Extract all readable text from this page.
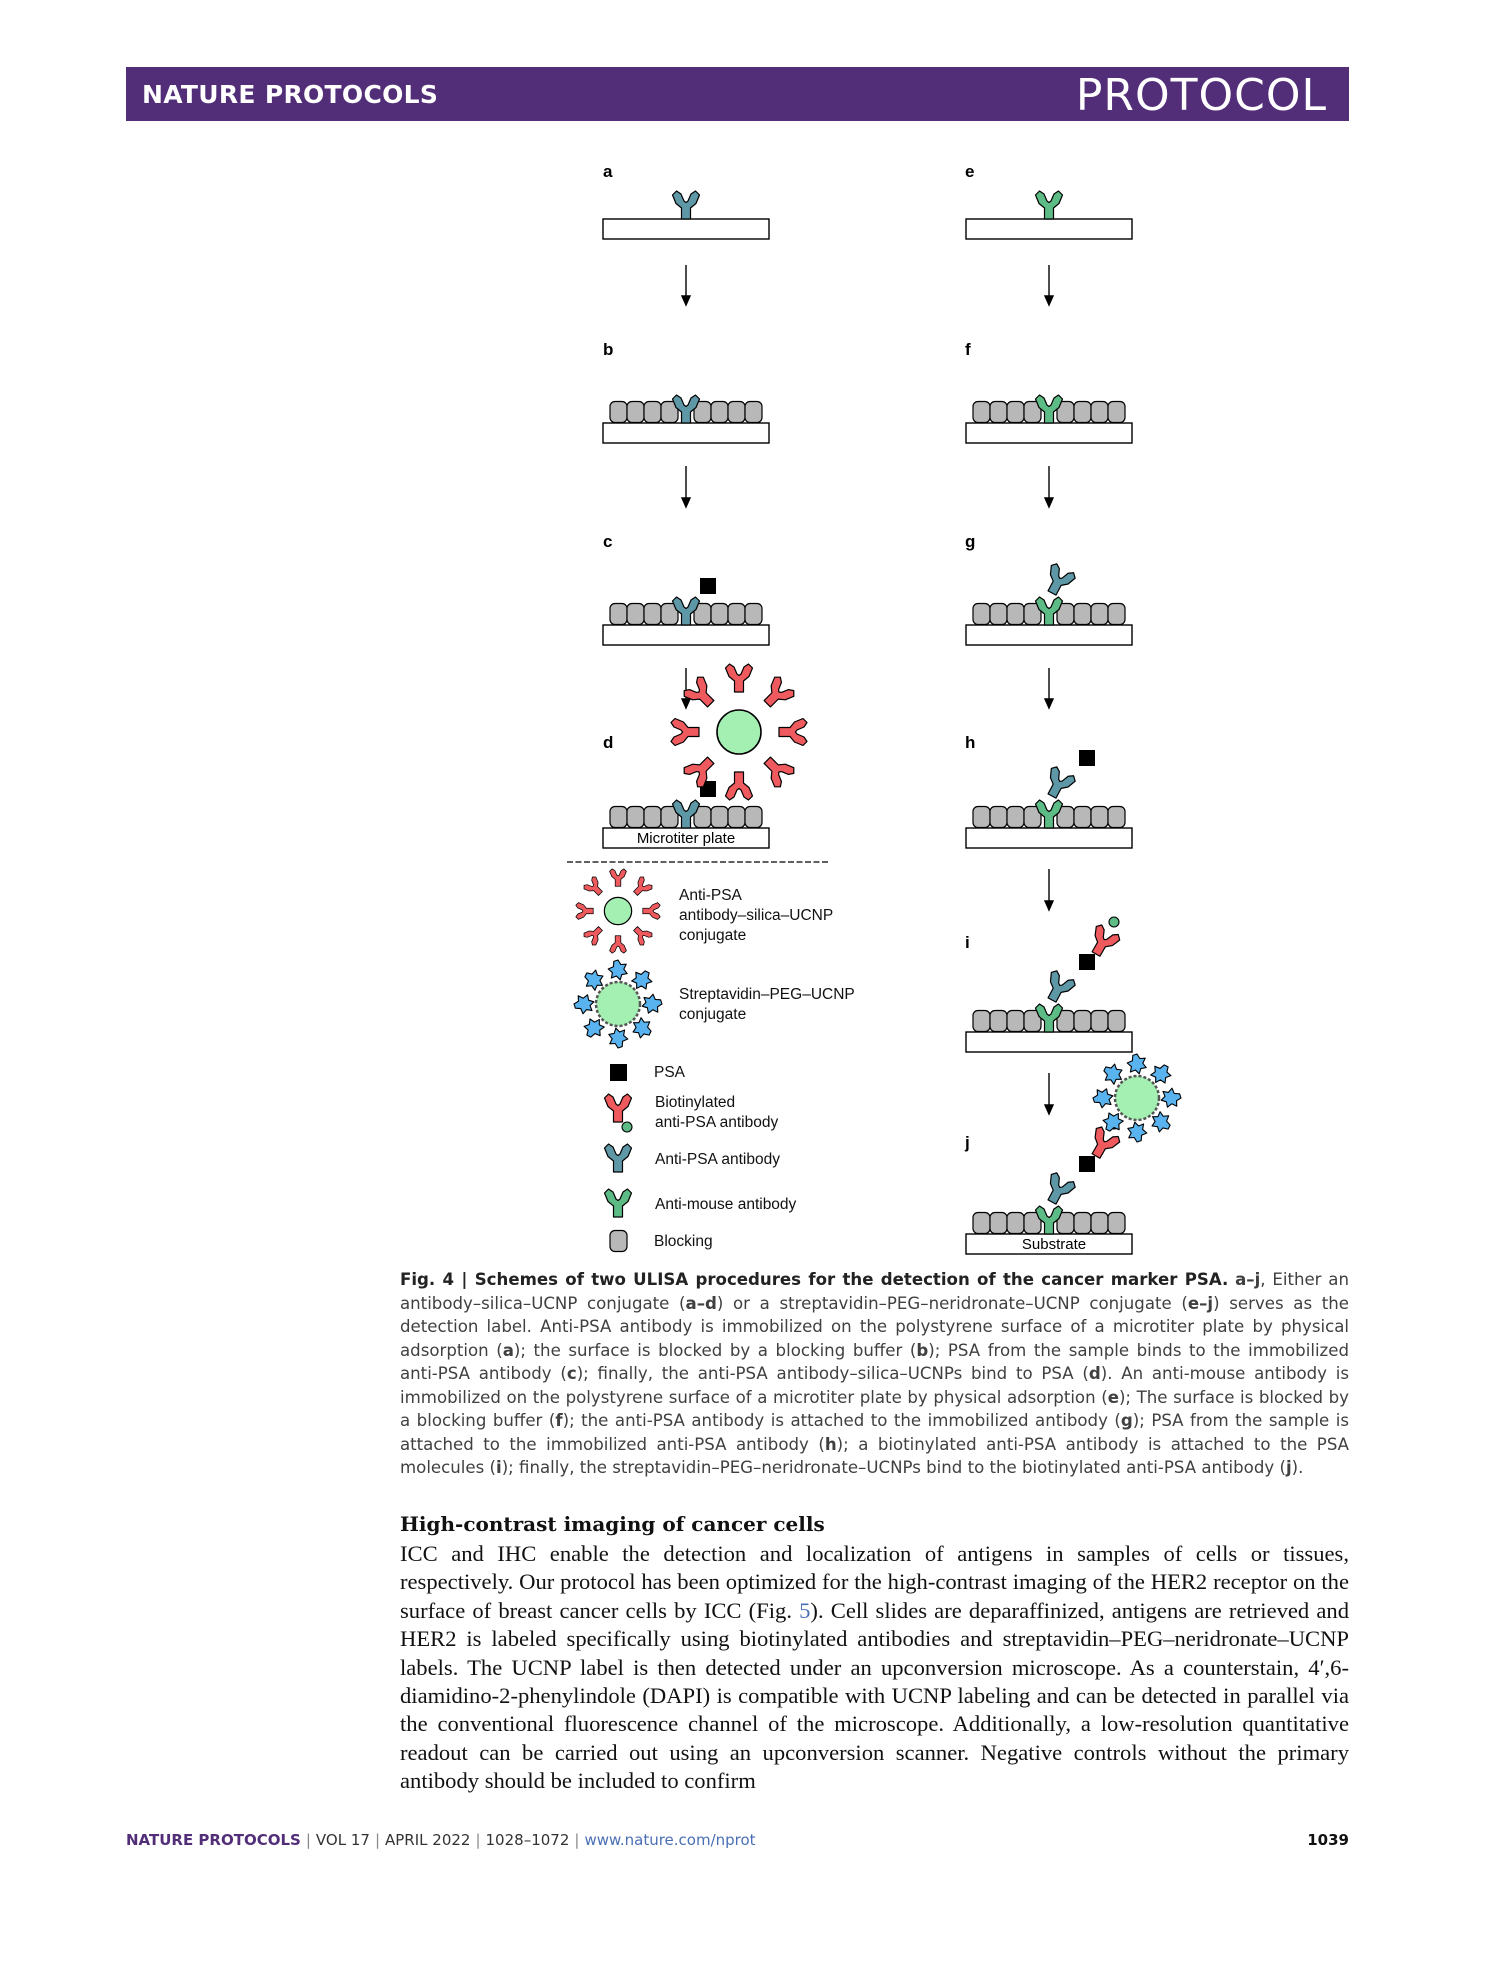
NATURE PROTOCOLS	PROTOCOL
a
b
c
d
e
f
g
h
i
j
Microtiter plate
Substrate
Anti-PSA
antibody–silica–UCNP
conjugate
Streptavidin–PEG–UCNP
conjugate
PSA
Biotinylated
anti-PSA antibody
Anti-PSA antibody
Anti-mouse antibody
Blocking
Fig. 4 | Schemes of two ULISA procedures for the detection of the cancer marker PSA. a–j, Either an antibody–silica–UCNP conjugate (a–d) or a streptavidin–PEG–neridronate–UCNP conjugate (e–j) serves as the detection label. Anti-PSA antibody is immobilized on the polystyrene surface of a microtiter plate by physical adsorption (a); the surface is blocked by a blocking buffer (b); PSA from the sample binds to the immobilized anti-PSA antibody (c); finally, the anti-PSA antibody–silica–UCNPs bind to PSA (d). An anti-mouse antibody is immobilized on the polystyrene surface of a microtiter plate by physical adsorption (e); The surface is blocked by a blocking buffer (f); the anti-PSA antibody is attached to the immobilized antibody (g); PSA from the sample is attached to the immobilized anti-PSA antibody (h); a biotinylated anti-PSA antibody is attached to the PSA molecules (i); finally, the streptavidin–PEG–neridronate–UCNPs bind to the biotinylated anti-PSA antibody (j).
High-contrast imaging of cancer cells
ICC and IHC enable the detection and localization of antigens in samples of cells or tissues, respectively. Our protocol has been optimized for the high-contrast imaging of the HER2 receptor on the surface of breast cancer cells by ICC (Fig. 5). Cell slides are deparaffinized, antigens are retrieved and HER2 is labeled specifically using biotinylated antibodies and streptavidin–PEG–neridronate–UCNP labels. The UCNP label is then detected under an upconversion microscope. As a counterstain, 4′,6-diamidino-2-phenylindole (DAPI) is compatible with UCNP labeling and can be detected in parallel via the conventional fluorescence channel of the microscope. Additionally, a low-resolution quantitative readout can be carried out using an upconversion scanner. Negative controls without the primary antibody should be included to confirm
NATURE PROTOCOLS | VOL 17 | APRIL 2022 | 1028–1072 | www.nature.com/nprot	1039
